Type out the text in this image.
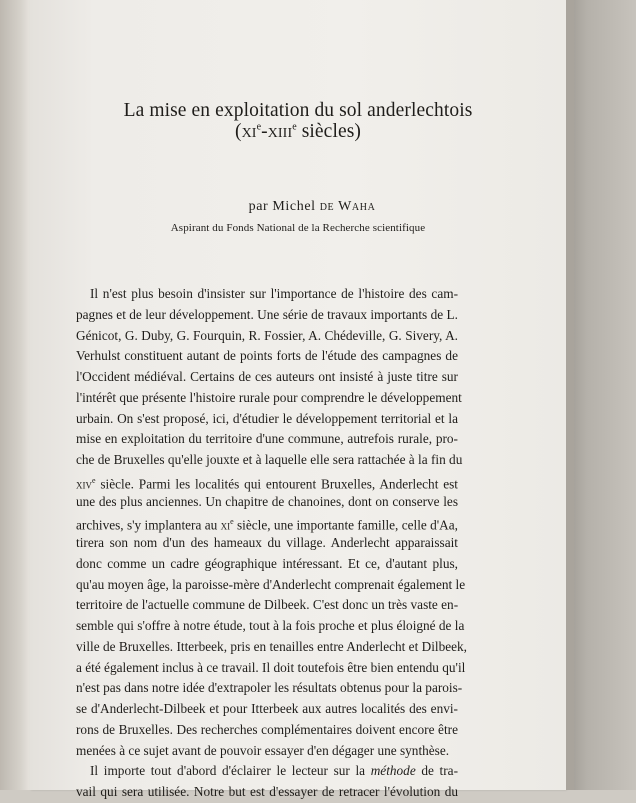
La mise en exploitation du sol anderlechtois
($xi^e-xiii^e$ siècles)
par Michel de Waha
Aspirant du Fonds National de la Recherche scientifique
Il n'est plus besoin d'insister sur l'importance de l'histoire des cam-
pagnes et de leur développement. Une série de travaux importants de L.
Génicot, G. Duby, G. Fourquin, R. Fossier, A. Chédeville, G. Sivery, A.
Verhulst constituent autant de points forts de l'étude des campagnes de
l'Occident médiéval. Certains de ces auteurs ont insisté à juste titre sur
l'intérêt que présente l'histoire rurale pour comprendre le développement
urbain. On s'est proposé, ici, d'étudier le développement territorial et la
mise en exploitation du territoire d'une commune, autrefois rurale, pro-
che de Bruxelles qu'elle jouxte et à laquelle elle sera rattachée à la fin du
xiv$^e$ siècle. Parmi les localités qui entourent Bruxelles, Anderlecht est
une des plus anciennes. Un chapitre de chanoines, dont on conserve les
archives, s'y implantera au $xi^e$ siècle, une importante famille, celle d'Aa,
tirera son nom d'un des hameaux du village. Anderlecht apparaissait
donc comme un cadre géographique intéressant. Et ce, d'autant plus,
qu'au moyen âge, la paroisse-mère d'Anderlecht comprenait également le
territoire de l'actuelle commune de Dilbeek. C'est donc un très vaste en-
semble qui s'offre à notre étude, tout à la fois proche et plus éloigné de la
ville de Bruxelles. Itterbeek, pris en tenailles entre Anderlecht et Dilbeek,
a été également inclus à ce travail. Il doit toutefois être bien entendu qu'il
n'est pas dans notre idée d'extrapoler les résultats obtenus pour la parois-
se d'Anderlecht-Dilbeek et pour Itterbeek aux autres localités des envi-
rons de Bruxelles. Des recherches complémentaires doivent encore être
menées à ce sujet avant de pouvoir essayer d'en dégager une synthèse.
Il importe tout d'abord d'éclairer le lecteur sur la méthode de tra-
vail qui sera utilisée. Notre but est d'essayer de retracer l'évolution du
